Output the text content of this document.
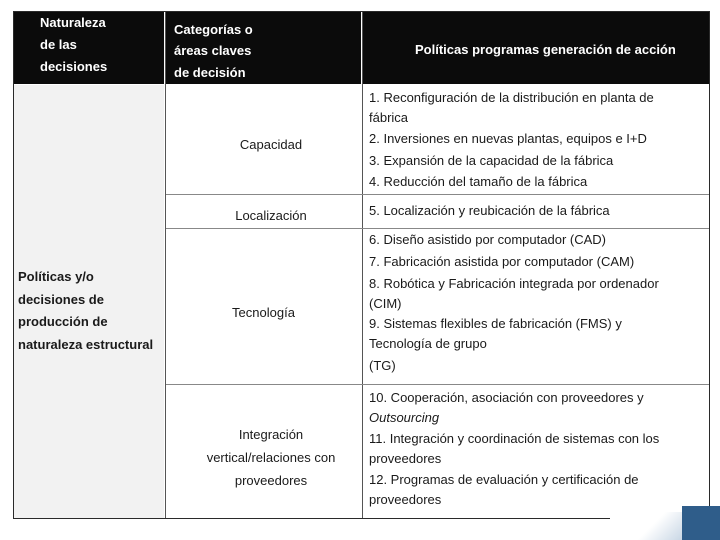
Naturaleza
de las
decisiones
Categorías o
áreas claves
de decisión
Políticas programas generación de acción
Políticas y/o
decisiones de
producción de
naturaleza estructural
Capacidad
Localización
Tecnología
Integración
vertical/relaciones con
proveedores
1. Reconfiguración de la distribución en planta de
fábrica
2. Inversiones en nuevas plantas, equipos e I+D
3. Expansión de la capacidad de la fábrica
4. Reducción del tamaño de la fábrica
5. Localización y reubicación de la fábrica
6. Diseño asistido por computador (CAD)
7. Fabricación asistida por computador (CAM)
8. Robótica y Fabricación integrada por ordenador
(CIM)
9. Sistemas flexibles de fabricación (FMS) y
Tecnología de grupo
(TG)
10. Cooperación, asociación con proveedores y
Outsourcing
11. Integración y coordinación de sistemas con los
proveedores
12. Programas de evaluación y certificación de
proveedores
